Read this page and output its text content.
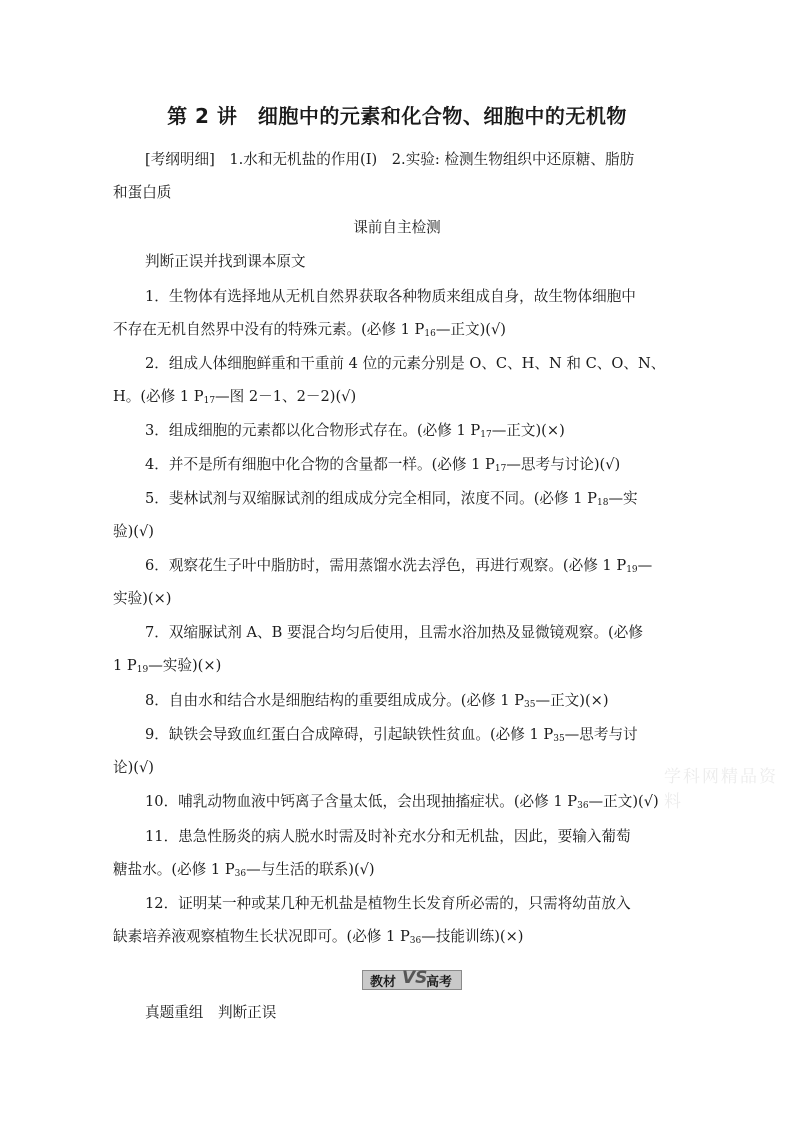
第 2 讲　细胞中的元素和化合物、细胞中的无机物
[考纲明细]　1.水和无机盐的作用(Ⅰ)　2.实验: 检测生物组织中还原糖、脂肪
和蛋白质
课前自主检测
判断正误并找到课本原文
1．生物体有选择地从无机自然界获取各种物质来组成自身，故生物体细胞中
不存在无机自然界中没有的特殊元素。(必修 1 $P_{16}—$正文)(√)
2．组成人体细胞鲜重和干重前 4 位的元素分别是 O、C、H、N 和 C、O、N、
H。(必修 1 $P_{17}—$图 2－1、2－2)(√)
3．组成细胞的元素都以化合物形式存在。(必修 1 $P_{17}—$正文)(×)
4．并不是所有细胞中化合物的含量都一样。(必修 1 $P_{17}—$思考与讨论)(√)
5．斐林试剂与双缩脲试剂的组成成分完全相同，浓度不同。(必修 1 $P_{18}—$实
验)(√)
6．观察花生子叶中脂肪时，需用蒸馏水洗去浮色，再进行观察。(必修 1 $P_{19}—$
实验)(×)
7．双缩脲试剂 A、B 要混合均匀后使用，且需水浴加热及显微镜观察。(必修
1 $P_{19}—$实验)(×)
8．自由水和结合水是细胞结构的重要组成成分。(必修 1 $P_{35}—$正文)(×)
9．缺铁会导致血红蛋白合成障碍，引起缺铁性贫血。(必修 1 $P_{35}—$思考与讨
论)(√)
10．哺乳动物血液中钙离子含量太低，会出现抽搐症状。(必修 1 $P_{36}—$正文)(√)
11．患急性肠炎的病人脱水时需及时补充水分和无机盐，因此，要输入葡萄
糖盐水。(必修 1 $P_{36}—$与生活的联系)(√)
12．证明某一种或某几种无机盐是植物生长发育所必需的，只需将幼苗放入
缺素培养液观察植物生长状况即可。(必修 1 $P_{36}—$技能训练)(×)
教材 VS
高考
真题重组　判断正误
学科网精品资料
